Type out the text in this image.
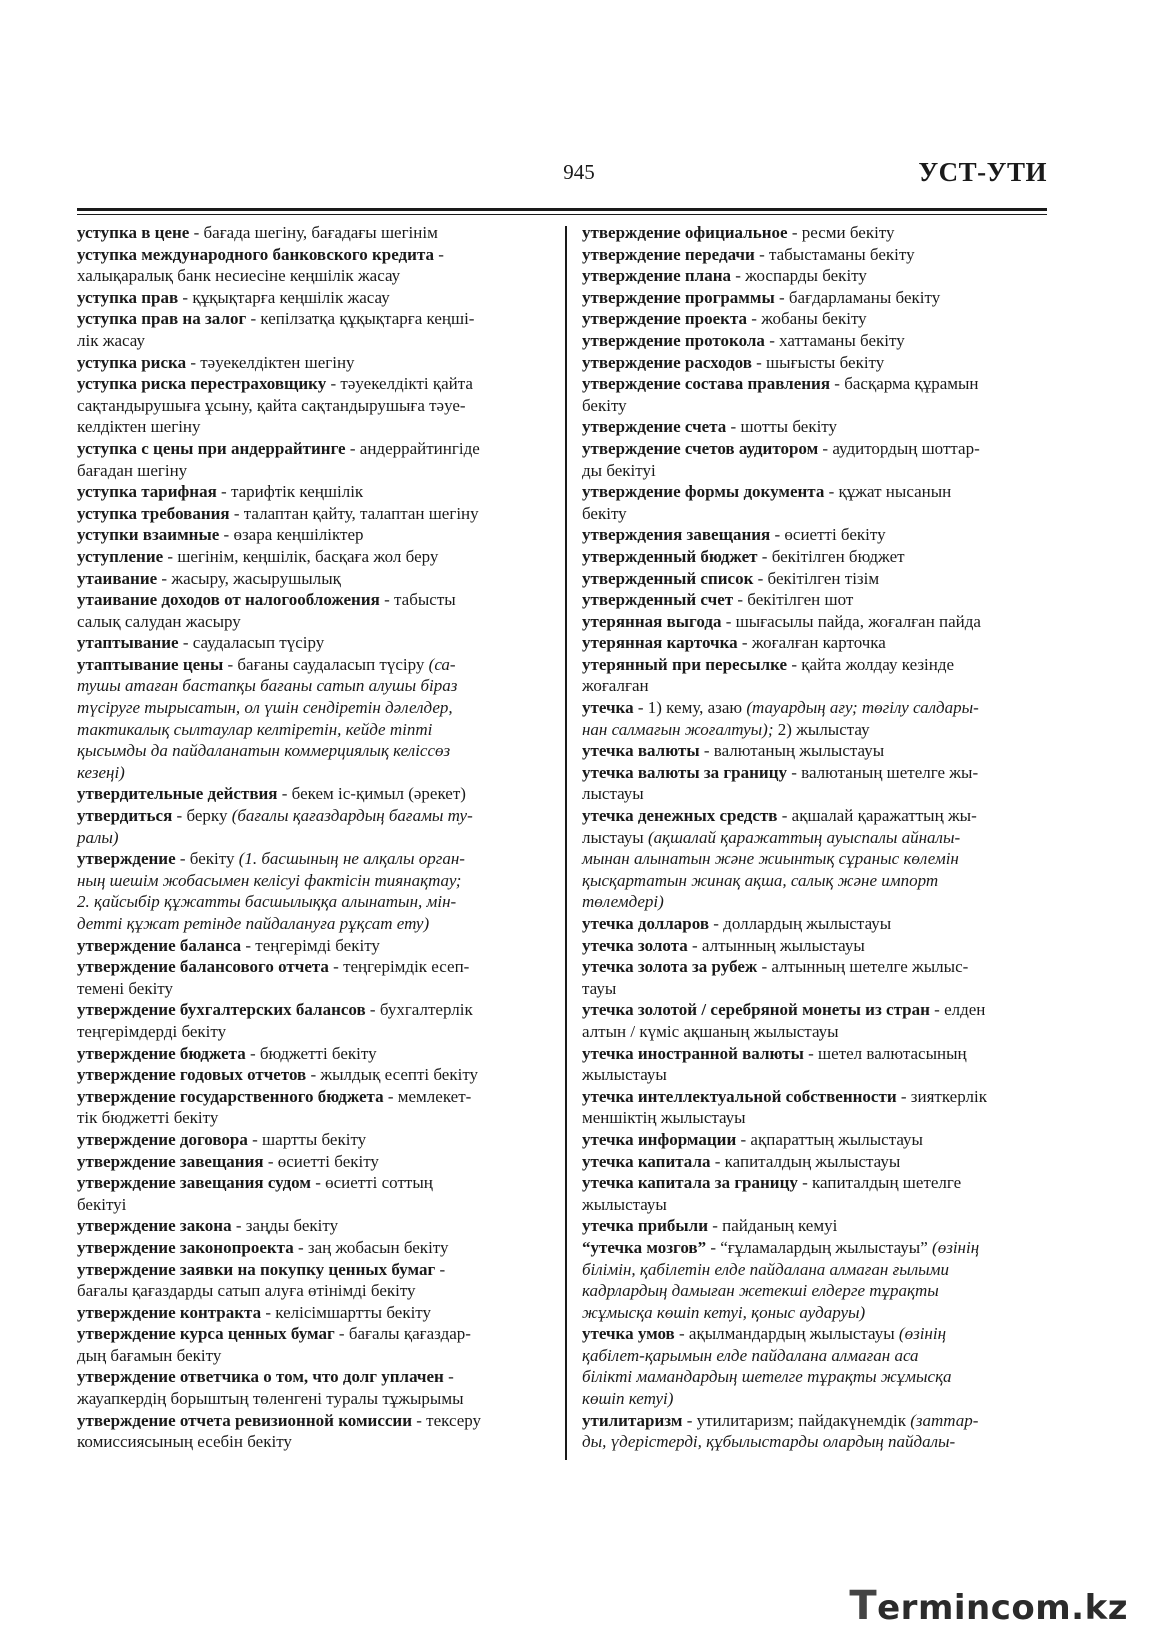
945	УСТ-УТИ
уступка в цене - бағада шегіну, бағадағы шегінім
уступка международного банковского кредита -
халықаралық банк несиесіне кеңшілік жасау
уступка прав - құқықтарға кеңшілік жасау
уступка прав на залог - кепілзатқа құқықтарға кеңші-
лік жасау
уступка риска - тәуекелдіктен шегіну
уступка риска перестраховщику - тәуекелдікті қайта
сақтандырушыға ұсыну, қайта сақтандырушыға тәуе-
келдіктен шегіну
уступка с цены при андеррайтинге - андеррайтингіде
бағадан шегіну
уступка тарифная - тарифтік кеңшілік
уступка требования - талаптан қайту, талаптан шегіну
уступки взаимные - өзара кеңшіліктер
уступление - шегінім, кеңшілік, басқаға жол беру
утаивание - жасыру, жасырушылық
утаивание доходов от налогообложения - табысты
салық салудан жасыру
утаптывание - саудаласып түсіру
утаптывание цены - бағаны саудаласып түсіру (са-
тушы атаған бастапқы бағаны сатып алушы біраз
түсіруге тырысатын, ол үшін сендіретін дәлелдер,
тактикалық сылтаулар келтіретін, кейде тіпті
қысымды да пайдаланатын коммерциялық келіссөз
кезеңі)
утвердительные действия - бекем іс-қимыл (әрекет)
утвердиться - берку (бағалы қағаздардың бағамы ту-
ралы)
утверждение - бекіту (1. басшының не алқалы орган-
ның шешім жобасымен келісуі фактісін тиянақтау;
2. қайсыбір құжатты басшылыққа алынатын, мін-
детті құжат ретінде пайдалануға рұқсат ету)
утверждение баланса - теңгерімді бекіту
утверждение балансового отчета - теңгерімдік есеп-
темені бекіту
утверждение бухгалтерских балансов - бухгалтерлік
теңгерімдерді бекіту
утверждение бюджета - бюджетті бекіту
утверждение годовых отчетов - жылдық есепті бекіту
утверждение государственного бюджета - мемлекет-
тік бюджетті бекіту
утверждение договора - шартты бекіту
утверждение завещания - өсиетті бекіту
утверждение завещания судом - өсиетті соттың
бекітуі
утверждение закона - заңды бекіту
утверждение законопроекта - заң жобасын бекіту
утверждение заявки на покупку ценных бумаг -
бағалы қағаздарды сатып алуға өтінімді бекіту
утверждение контракта - келісімшартты бекіту
утверждение курса ценных бумаг - бағалы қағаздар-
дың бағамын бекіту
утверждение ответчика о том, что долг уплачен -
жауапкердің борыштың төленгені туралы тұжырымы
утверждение отчета ревизионной комиссии - тексеру
комиссиясының есебін бекіту
утверждение официальное - ресми бекіту
утверждение передачи - табыстаманы бекіту
утверждение плана - жоспарды бекіту
утверждение программы - бағдарламаны бекіту
утверждение проекта - жобаны бекіту
утверждение протокола - хаттаманы бекіту
утверждение расходов - шығысты бекіту
утверждение состава правления - басқарма құрамын
бекіту
утверждение счета - шотты бекіту
утверждение счетов аудитором - аудитордың шоттар-
ды бекітуі
утверждение формы документа - құжат нысанын
бекіту
утверждения завещания - өсиетті бекіту
утвержденный бюджет - бекітілген бюджет
утвержденный список - бекітілген тізім
утвержденный счет - бекітілген шот
утерянная выгода - шығасылы пайда, жоғалған пайда
утерянная карточка - жоғалған карточка
утерянный при пересылке - қайта жолдау кезінде
жоғалған
утечка - 1) кему, азаю (тауардың ағу; төгілу салдары-
нан салмағын жоғалтуы); 2) жылыстау
утечка валюты - валютаның жылыстауы
утечка валюты за границу - валютаның шетелге жы-
лыстауы
утечка денежных средств - ақшалай қаражаттың жы-
лыстауы (ақшалай қаражаттың ауыспалы айналы-
мынан алынатын және жиынтық сұраныс көлемін
қысқартатын жинақ ақша, салық және импорт
төлемдері)
утечка долларов - доллардың жылыстауы
утечка золота - алтынның жылыстауы
утечка золота за рубеж - алтынның шетелге жылыс-
тауы
утечка золотой / серебряной монеты из стран - елден
алтын / күміс ақшаның жылыстауы
утечка иностранной валюты - шетел валютасының
жылыстауы
утечка интеллектуальной собственности - зияткерлік
меншіктің жылыстауы
утечка информации - ақпараттың жылыстауы
утечка капитала - капиталдың жылыстауы
утечка капитала за границу - капиталдың шетелге
жылыстауы
утечка прибыли - пайданың кемуі
“утечка мозгов” - “ғұламалардың жылыстауы” (өзінің
білімін, қабілетін елде пайдалана алмаған ғылыми
кадрлардың дамыған жетекші елдерге тұрақты
жұмысқа көшіп кетуі, қоныс аударуы)
утечка умов - ақылмандардың жылыстауы (өзінің
қабілет-қарымын елде пайдалана алмаған аса
білікті мамандардың шетелге тұрақты жұмысқа
көшіп кетуі)
утилитаризм - утилитаризм; пайдакүнемдік (заттар-
ды, үдерістерді, құбылыстарды олардың пайдалы-
Termincom.kz
